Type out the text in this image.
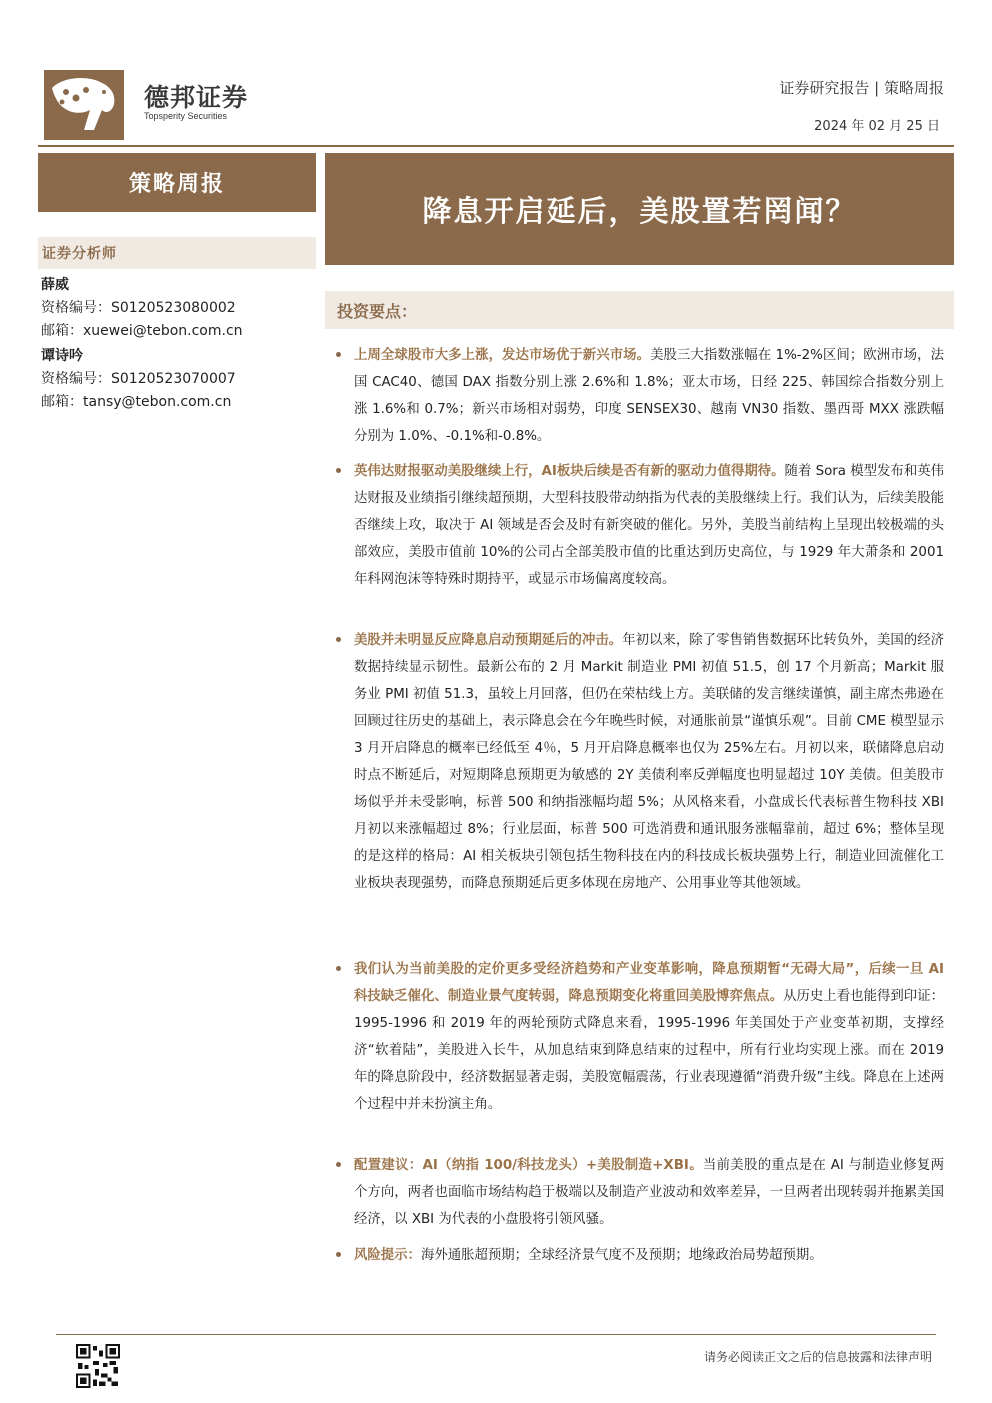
德邦证券
Topsperity Securities
证券研究报告 | 策略周报
2024 年 02 月 25 日
策略周报
降息开启延后，美股置若罔闻？
证券分析师
薛威
资格编号：S0120523080002
邮箱：xuewei@tebon.com.cn
谭诗吟
资格编号：S0120523070007
邮箱：tansy@tebon.com.cn
投资要点：
上周全球股市大多上涨，发达市场优于新兴市场。美股三大指数涨幅在 1%-2%区间；欧洲市场，法国 CAC40、德国 DAX 指数分别上涨 2.6%和 1.8%；亚太市场，日经 225、韩国综合指数分别上涨 1.6%和 0.7%；新兴市场相对弱势，印度 SENSEX30、越南 VN30 指数、墨西哥 MXX 涨跌幅分别为 1.0%、-0.1%和-0.8%。
英伟达财报驱动美股继续上行，AI板块后续是否有新的驱动力值得期待。随着 Sora 模型发布和英伟达财报及业绩指引继续超预期，大型科技股带动纳指为代表的美股继续上行。我们认为，后续美股能否继续上攻，取决于 AI 领域是否会及时有新突破的催化。另外，美股当前结构上呈现出较极端的头部效应，美股市值前 10%的公司占全部美股市值的比重达到历史高位，与 1929 年大萧条和 2001 年科网泡沫等特殊时期持平，或显示市场偏离度较高。
美股并未明显反应降息启动预期延后的冲击。年初以来，除了零售销售数据环比转负外，美国的经济数据持续显示韧性。最新公布的 2 月 Markit 制造业 PMI 初值 51.5，创 17 个月新高；Markit 服务业 PMI 初值 51.3，虽较上月回落，但仍在荣枯线上方。美联储的发言继续谨慎，副主席杰弗逊在回顾过往历史的基础上，表示降息会在今年晚些时候，对通胀前景“谨慎乐观”。目前 CME 模型显示 3 月开启降息的概率已经低至 4％，5 月开启降息概率也仅为 25%左右。月初以来，联储降息启动时点不断延后，对短期降息预期更为敏感的 2Y 美债利率反弹幅度也明显超过 10Y 美债。但美股市场似乎并未受影响，标普 500 和纳指涨幅均超 5%；从风格来看，小盘成长代表标普生物科技 XBI 月初以来涨幅超过 8%；行业层面，标普 500 可选消费和通讯服务涨幅靠前，超过 6%；整体呈现的是这样的格局：AI 相关板块引领包括生物科技在内的科技成长板块强势上行，制造业回流催化工业板块表现强势，而降息预期延后更多体现在房地产、公用事业等其他领域。
我们认为当前美股的定价更多受经济趋势和产业变革影响，降息预期暂“无碍大局”，后续一旦 AI 科技缺乏催化、制造业景气度转弱，降息预期变化将重回美股博弈焦点。从历史上看也能得到印证：1995-1996 和 2019 年的两轮预防式降息来看，1995-1996 年美国处于产业变革初期，支撑经济“软着陆”，美股进入长牛，从加息结束到降息结束的过程中，所有行业均实现上涨。而在 2019 年的降息阶段中，经济数据显著走弱，美股宽幅震荡，行业表现遵循“消费升级”主线。降息在上述两个过程中并未扮演主角。
配置建议：AI（纳指 100/科技龙头）+美股制造+XBI。当前美股的重点是在 AI 与制造业修复两个方向，两者也面临市场结构趋于极端以及制造产业波动和效率差异，一旦两者出现转弱并拖累美国经济，以 XBI 为代表的小盘股将引领风骚。
风险提示：海外通胀超预期；全球经济景气度不及预期；地缘政治局势超预期。
请务必阅读正文之后的信息披露和法律声明
